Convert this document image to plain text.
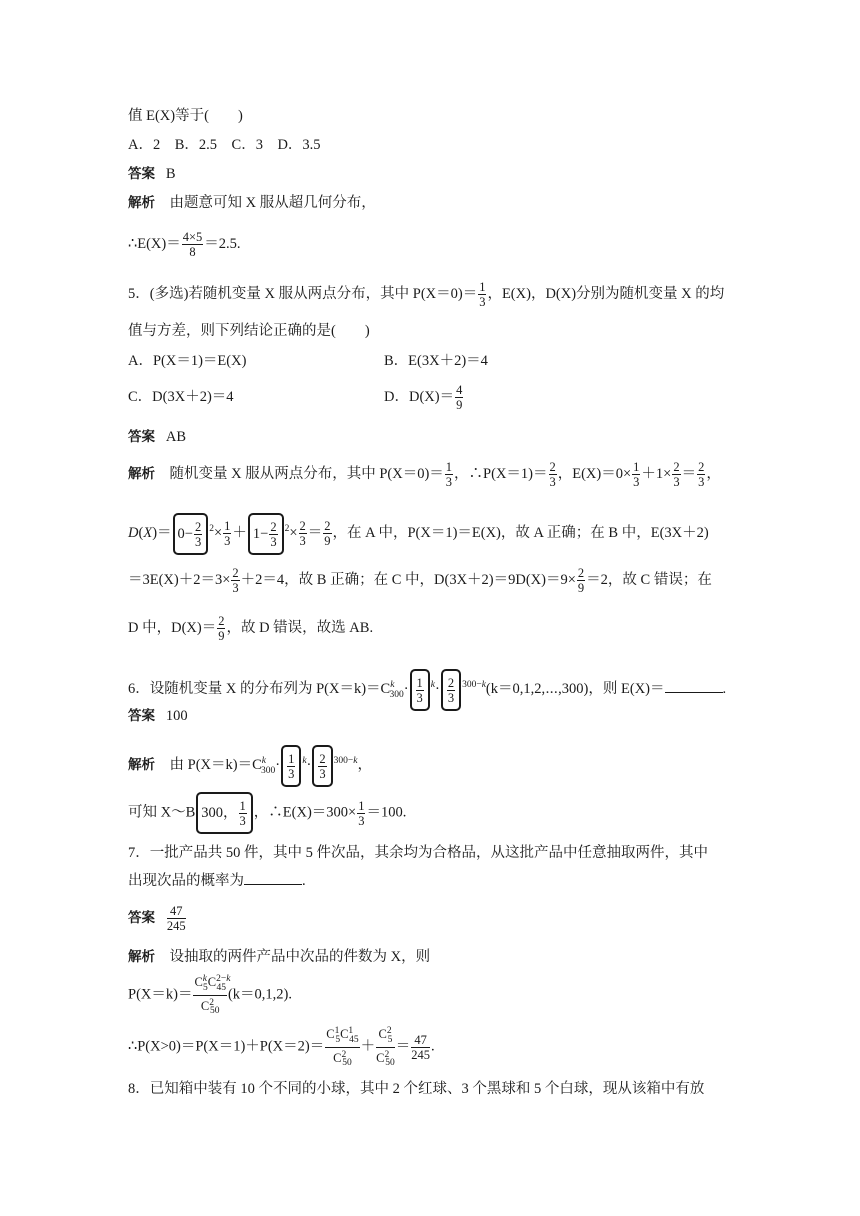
值 E(X)等于(　　)
A．2　B．2.5　C．3　D．3.5
答案 B
解析 由题意可知 X 服从超几何分布，
∴E(X)＝ $\frac{4\times 5}{8} =2.5$.
5．(多选)若随机变量 X 服从两点分布，其中 $P(X=0)= \frac{1}{3}$ ，E(X)，D(X)分别为随机变量 X 的均
值与方差，则下列结论正确的是(　　)
A．P(X＝1)＝E(X)	B．E(3X＋2)＝4
C．D(3X＋2)＝4	D．$D(X)= \frac{4}{9}$
答案 AB
解析 随机变量 X 服从两点分布，其中 $P(X=0)= \frac{1}{3}$ ，∴P(X＝1)＝ $\frac{2}{3}$ ，$E(X)=0\times \frac{1}{3} +1\times \frac{2}{3} = \frac{2}{3}$ ，
$D(X)= 0- \frac{2}{3} ^2\times \frac{1}{3} + 1- \frac{2}{3} ^2\times \frac{2}{3} = \frac{2}{9}$ ，在 A 中，P(X＝1)＝E(X)，故 A 正确；在 B 中，E(3X＋2)
$=3E(X)+2=3\times \frac{2}{3} +2=4$，故 B 正确；在 C 中，$D(3X+2)=9D(X)=9\times \frac{2}{9} =2$，故 C 错误；在
D 中，$D(X)= \frac{2}{9}$ ，故 D 错误，故选 AB.
6．设随机变量 X 的分布列为 $P(X=k)=C^k_{300}\cdot \frac{1}{3} ^k\cdot \frac{2}{3}$ $^{300-k}$(k＝0,1,2,⋯,300)，则 E(X)＝	.
答案 100
解析 由 $P(X=k)=C^k_{300}\cdot \frac{1}{3} ^k\cdot \frac{2}{3} ^{300-k}$，
可知 X～B 300， $\frac{1}{3}$ ，∴E(X)＝300× $\frac{1}{3} =100$.
7．一批产品共 50 件，其中 5 件次品，其余均为合格品，从这批产品中任意抽取两件，其中
出现次品的概率为	.
答案 $\frac{47}{245}$
解析 设抽取的两件产品中次品的件数为 X，则
$P(X=k)= \frac{C^k_5C^{2-k}_{45}}{C^2_{50}} (k=0,1,2)$.
∴P(X>0)＝P(X＝1)＋P(X＝2)＝ $\frac{C^1_5C^1_{45}}{C^2_{50}} + \frac{C^2_5}{C^2_{50}} = \frac{47}{245}$ .
8．已知箱中装有 10 个不同的小球，其中 2 个红球、3 个黑球和 5 个白球，现从该箱中有放
